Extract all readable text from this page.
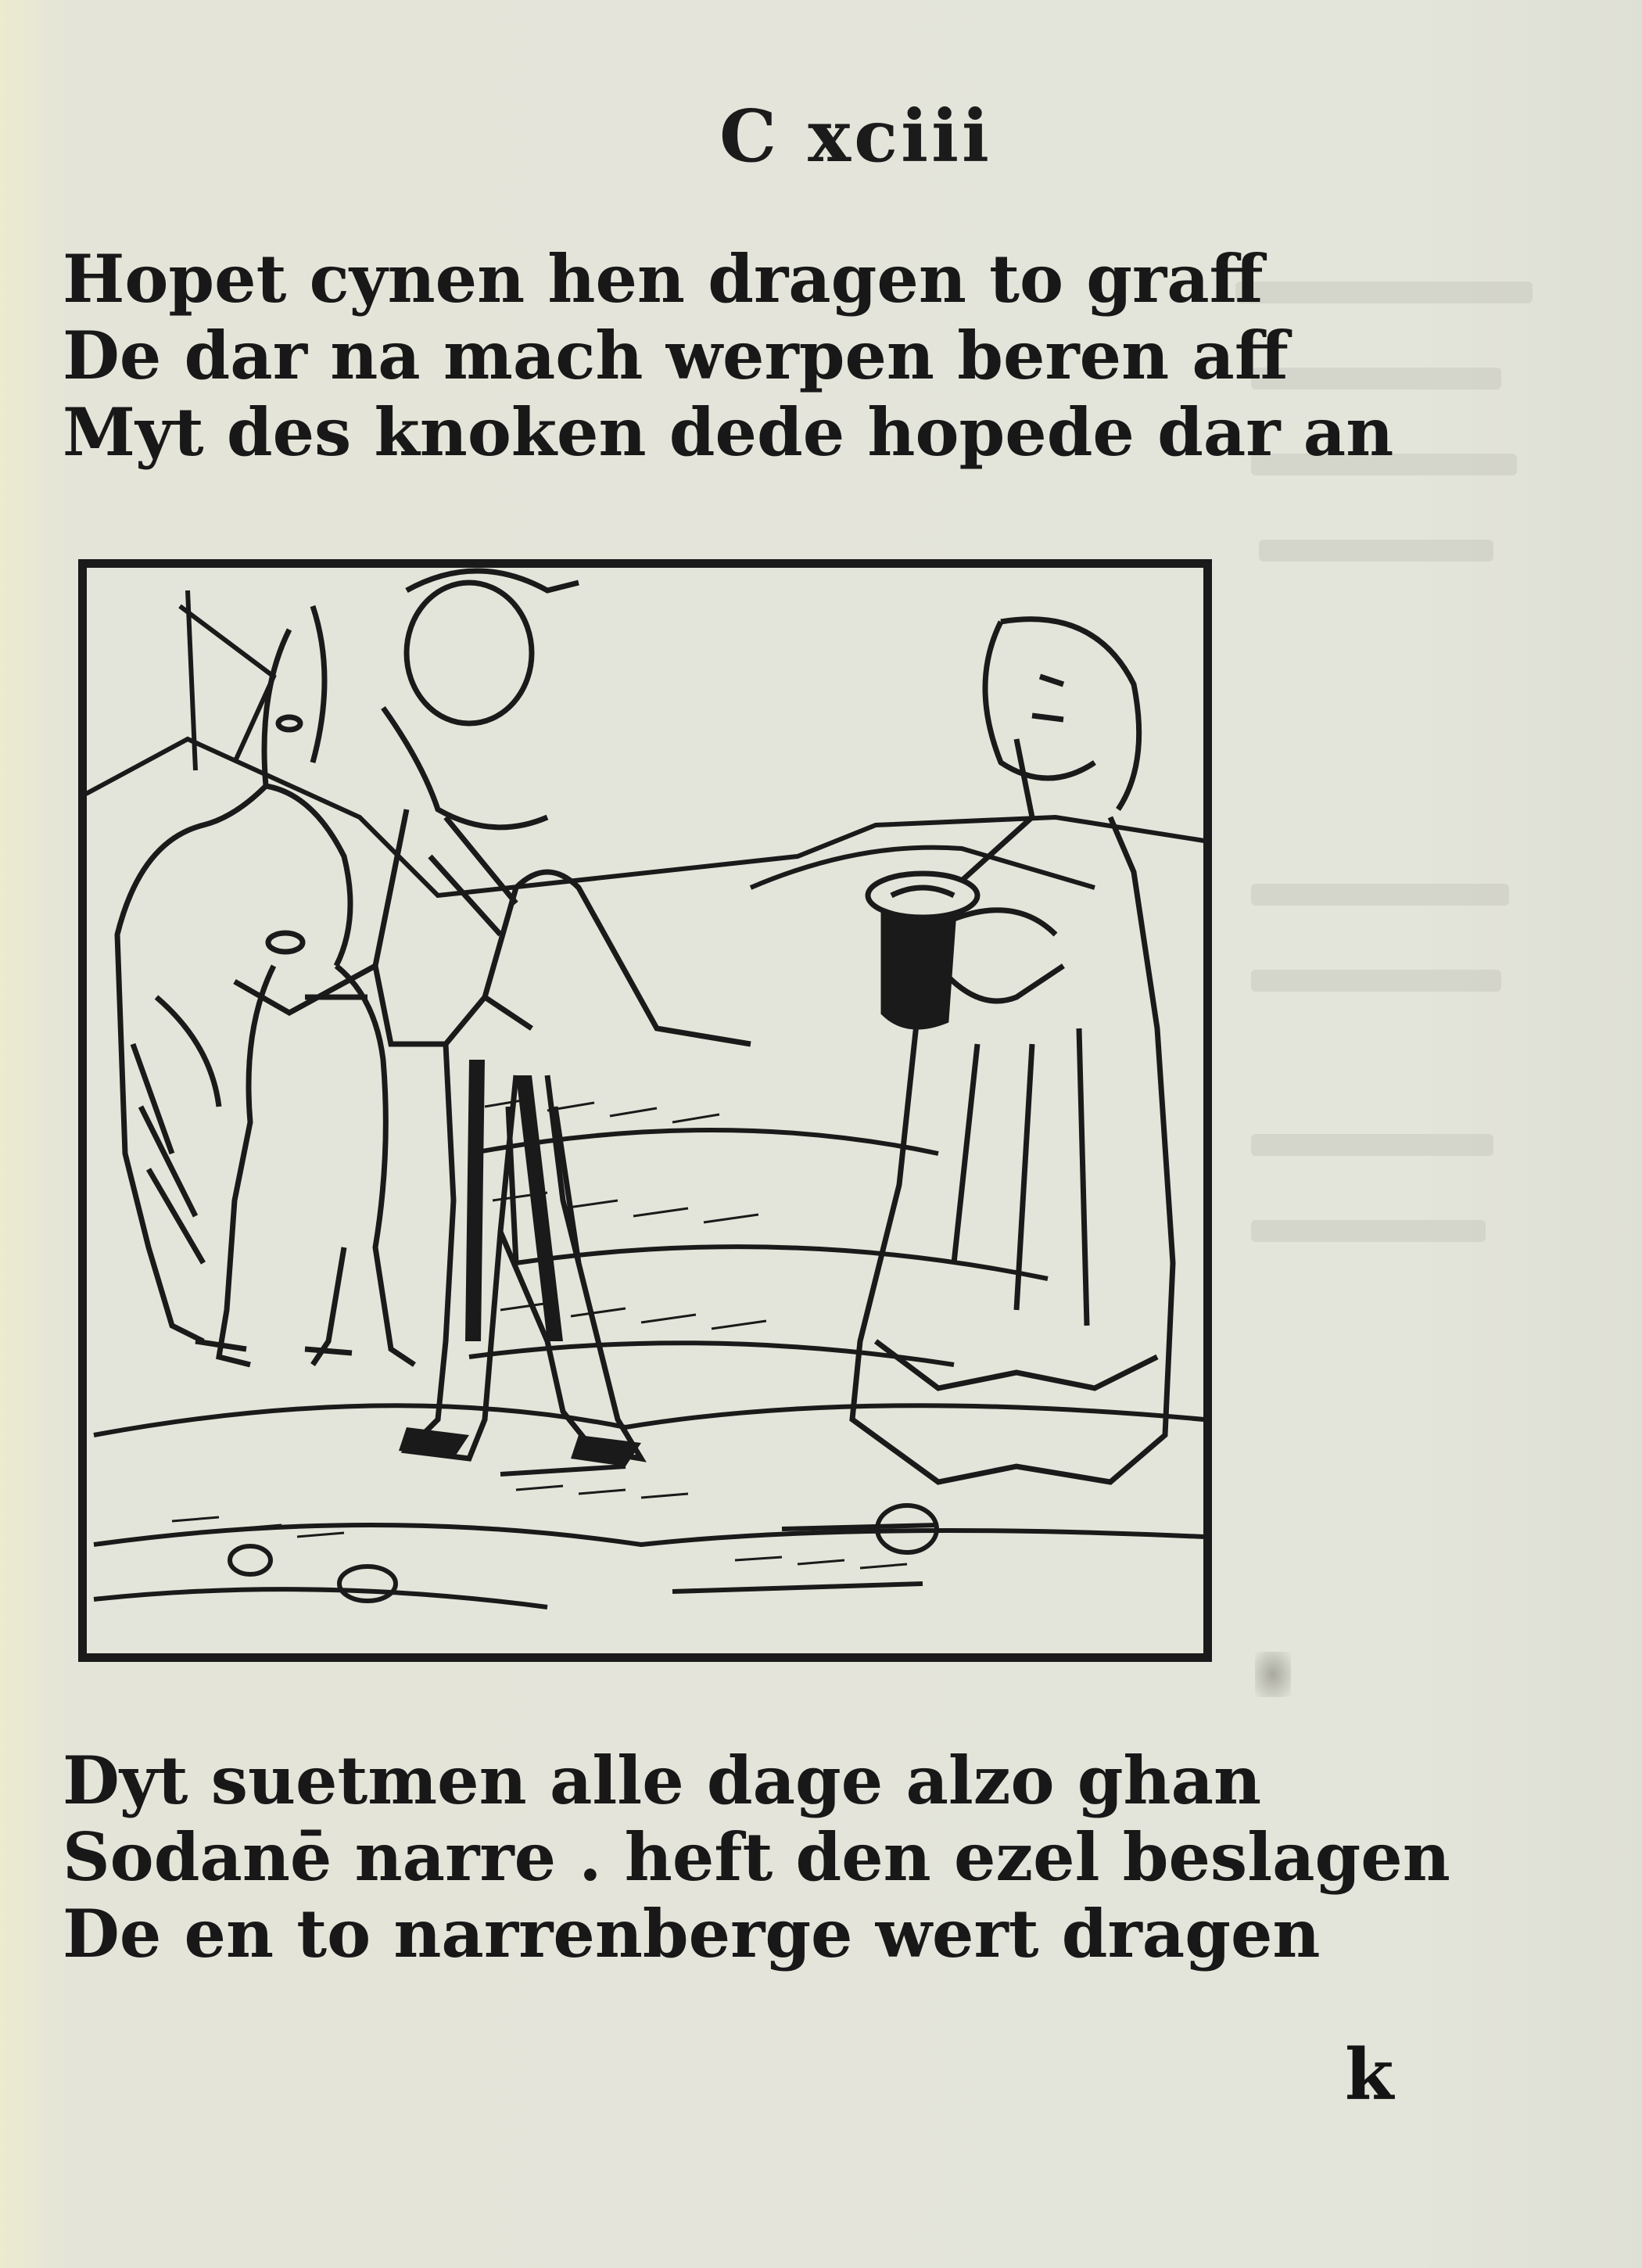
C xciii
Hopet cynen hen dragen to graff
De dar na mach werpen beren aff
Myt des knoken dede hopede dar an
Dyt suetmen alle dage alzo ghan
Sodanē narre . heft den ezel beslagen
De en to narrenberge wert dragen
k
